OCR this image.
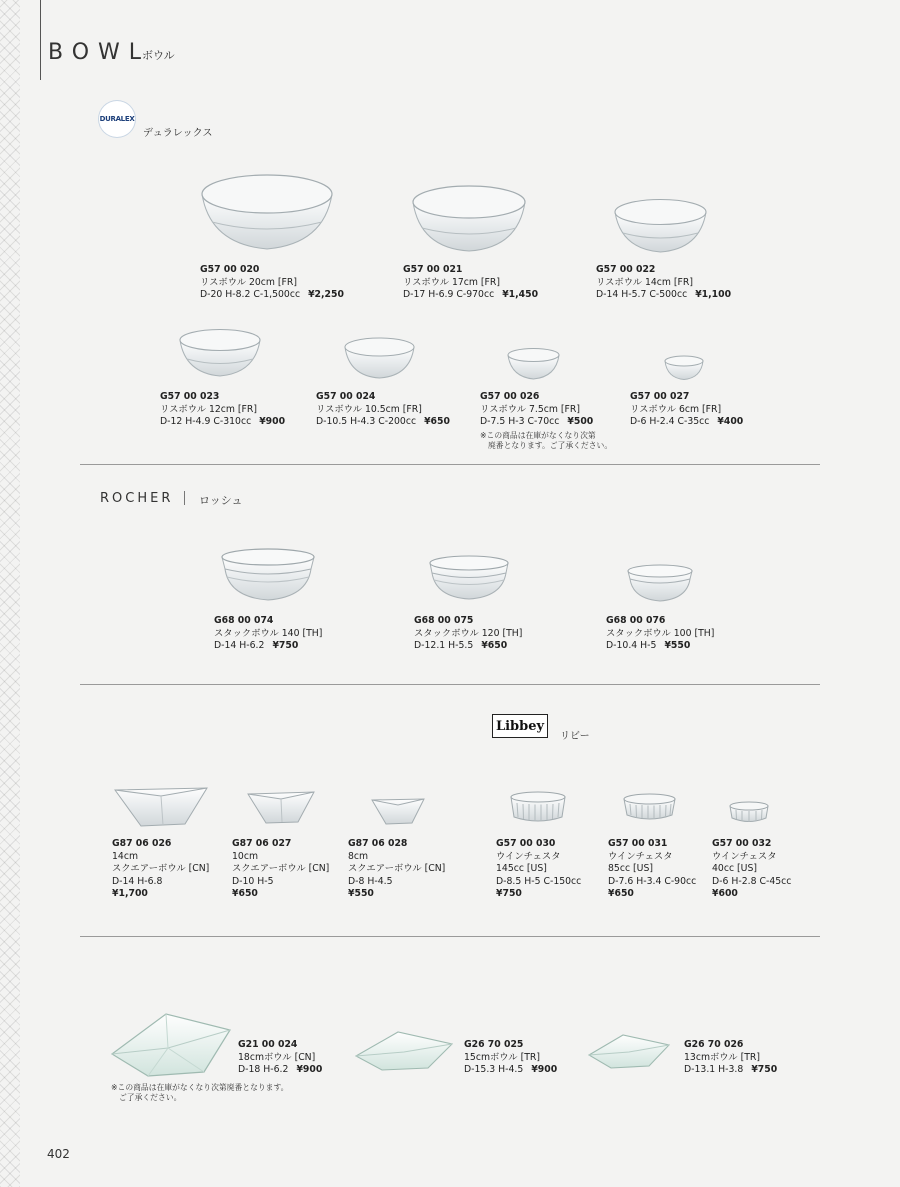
BOWL
ボウル
DURALEX
デュラレックス
G57 00 020
リスボウル 20cm [FR]
D-20 H-8.2 C-1,500cc ¥2,250
G57 00 021
リスボウル 17cm [FR]
D-17 H-6.9 C-970cc ¥1,450
G57 00 022
リスボウル 14cm [FR]
D-14 H-5.7 C-500cc ¥1,100
G57 00 023
リスボウル 12cm [FR]
D-12 H-4.9 C-310cc ¥900
G57 00 024
リスボウル 10.5cm [FR]
D-10.5 H-4.3 C-200cc ¥650
G57 00 026
リスボウル 7.5cm [FR]
D-7.5 H-3 C-70cc ¥500
※この商品は在庫がなくなり次第
廃番となります。ご了承ください。
G57 00 027
リスボウル 6cm [FR]
D-6 H-2.4 C-35cc ¥400
ROCHER ロッシュ
G68 00 074
スタックボウル 140 [TH]
D-14 H-6.2 ¥750
G68 00 075
スタックボウル 120 [TH]
D-12.1 H-5.5 ¥650
G68 00 076
スタックボウル 100 [TH]
D-10.4 H-5 ¥550
Libbey
リビー
G87 06 026
14cm
スクエアーボウル [CN]
D-14 H-6.8
¥1,700
G87 06 027
10cm
スクエアーボウル [CN]
D-10 H-5
¥650
G87 06 028
8cm
スクエアーボウル [CN]
D-8 H-4.5
¥550
G57 00 030
ウインチェスタ
145cc [US]
D-8.5 H-5 C-150cc
¥750
G57 00 031
ウインチェスタ
85cc [US]
D-7.6 H-3.4 C-90cc
¥650
G57 00 032
ウインチェスタ
40cc [US]
D-6 H-2.8 C-45cc
¥600
G21 00 024
18cmボウル [CN]
D-18 H-6.2 ¥900
G26 70 025
15cmボウル [TR]
D-15.3 H-4.5 ¥900
G26 70 026
13cmボウル [TR]
D-13.1 H-3.8 ¥750
※この商品は在庫がなくなり次第廃番となります。
ご了承ください。
402
